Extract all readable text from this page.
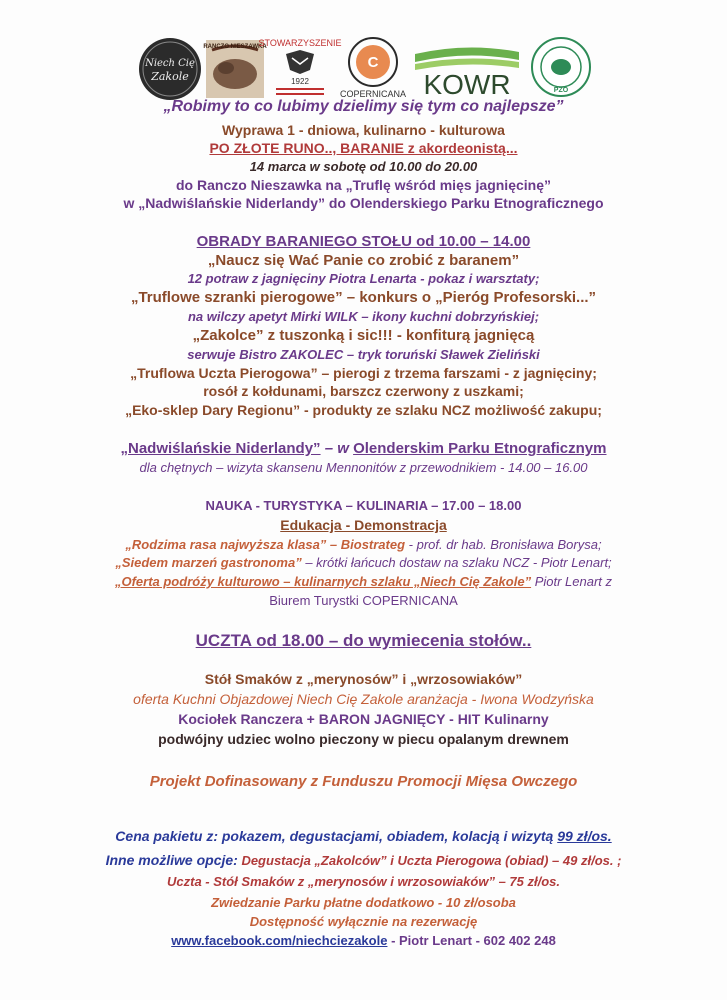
Niech Cię
Zakole
RANCZO NIESZAWKA
STOWARZYSZENIE
1922
C
COPERNICANA KOWR	PZO
„Robimy to co lubimy dzielimy się tym co najlepsze”
Wyprawa 1 - dniowa, kulinarno - kulturowa
PO ZŁOTE RUNO.., BARANIE z akordeonistą...
14 marca w sobotę od 10.00 do 20.00
do Ranczo Nieszawka na „Truflę wśród mięs jagnięcinę”
w „Nadwiślańskie Niderlandy” do Olenderskiego Parku Etnograficznego
OBRADY BARANIEGO STOŁU od 10.00 – 14.00
„Naucz się Wać Panie co zrobić z baranem”
12 potraw z jagnięciny Piotra Lenarta - pokaz i warsztaty;
„Truflowe szranki pierogowe” – konkurs o „Pieróg Profesorski...”
na wilczy apetyt Mirki WILK – ikony kuchni dobrzyńskiej;
„Zakolce” z tuszonką i sic!!! - konfiturą jagnięcą
serwuje Bistro ZAKOLEC – tryk toruński Sławek Zieliński
„Truflowa Uczta Pierogowa” – pierogi z trzema farszami - z jagnięciny;
rosół z kołdunami, barszcz czerwony z uszkami;
„Eko-sklep Dary Regionu” - produkty ze szlaku NCZ możliwość zakupu;
„Nadwiślańskie Niderlandy” – w Olenderskim Parku Etnograficznym
dla chętnych – wizyta skansenu Mennonitów z przewodnikiem - 14.00 – 16.00
NAUKA - TURYSTYKA – KULINARIA – 17.00 – 18.00
Edukacja - Demonstracja
„Rodzima rasa najwyższa klasa” – Biostrateg - prof. dr hab. Bronisława Borysa;
„Siedem marzeń gastronoma” – krótki łańcuch dostaw na szlaku NCZ - Piotr Lenart;
„Oferta podróży kulturowo – kulinarnych szlaku „Niech Cię Zakole” Piotr Lenart z
Biurem Turystki COPERNICANA
UCZTA od 18.00 – do wymiecenia stołów..
Stół Smaków z „merynosów” i „wrzosowiaków”
oferta Kuchni Objazdowej Niech Cię Zakole aranżacja - Iwona Wodzyńska
Kociołek Ranczera + BARON JAGNIĘCY - HIT Kulinarny
podwójny udziec wolno pieczony w piecu opalanym drewnem
Projekt Dofinasowany z Funduszu Promocji Mięsa Owczego
Cena pakietu z: pokazem, degustacjami, obiadem, kolacją i wizytą 99 zł/os.
Inne możliwe opcje: Degustacja „Zakolców” i Uczta Pierogowa (obiad) – 49 zł/os. ;
Uczta - Stół Smaków z „merynosów i wrzosowiaków” – 75 zł/os.
Zwiedzanie Parku płatne dodatkowo - 10 zł/osoba
Dostępność wyłącznie na rezerwację
www.facebook.com/niechciezakole - Piotr Lenart - 602 402 248
